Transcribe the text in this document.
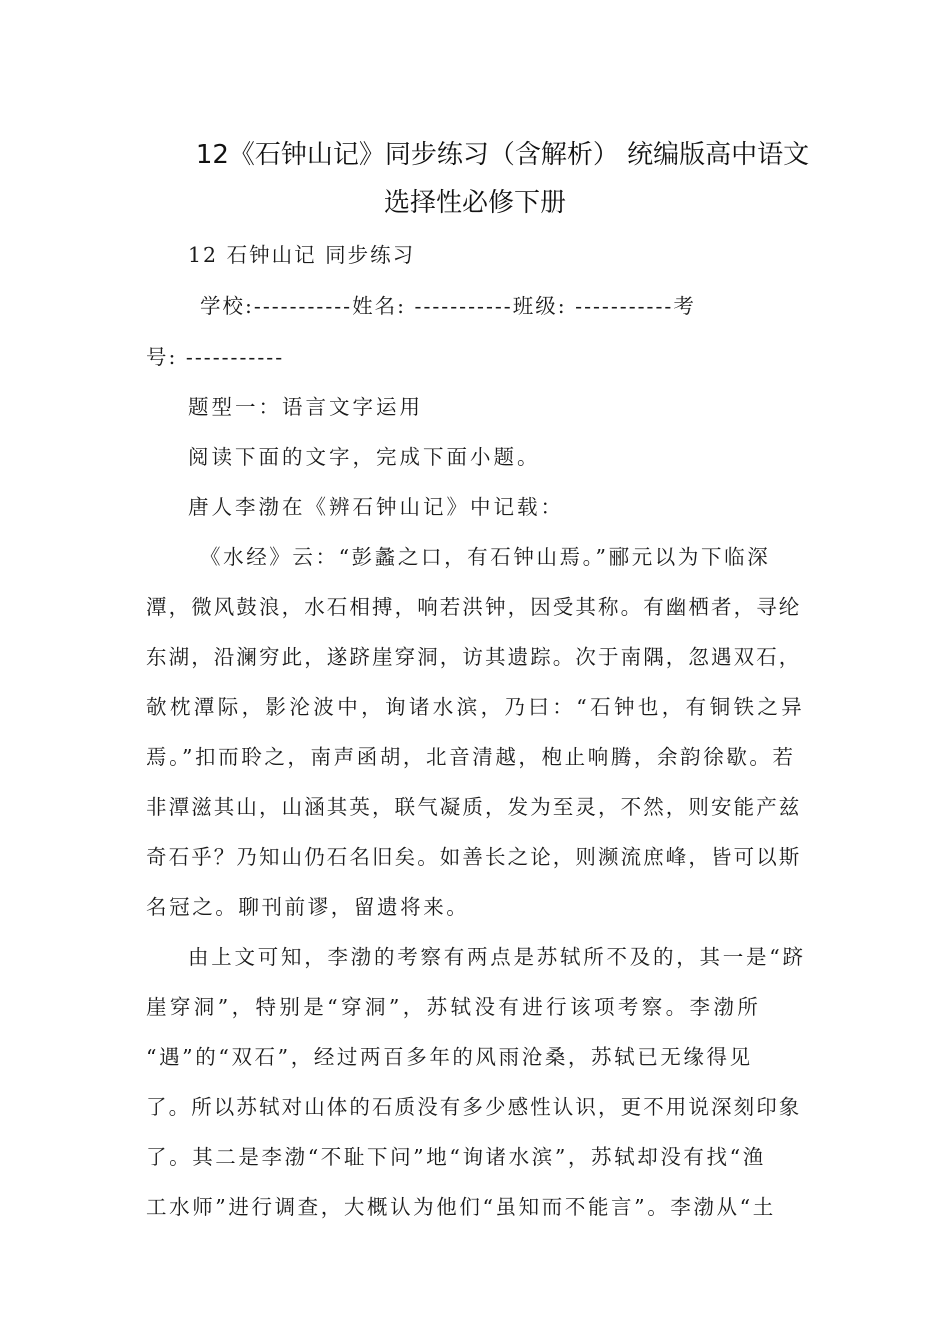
12《石钟山记》同步练习（含解析） 统编版高中语文
选择性必修下册
12 石钟山记 同步练习
学校:-----------姓名: -----------班级: -----------考
号: -----------
题型一：语言文字运用
阅读下面的文字，完成下面小题。
唐人李渤在《辨石钟山记》中记载：
《水经》云：“彭蠡之口，有石钟山焉。”郦元以为下临深
潭，微风鼓浪，水石相搏，响若洪钟，因受其称。有幽栖者，寻纶
东湖，沿澜穷此，遂跻崖穿洞，访其遗踪。次于南隅，忽遇双石，
欹枕潭际，影沦波中，询诸水滨，乃曰：“石钟也，有铜铁之异
焉。”扣而聆之，南声函胡，北音清越，枹止响腾，余韵徐歇。若
非潭滋其山，山涵其英，联气凝质，发为至灵，不然，则安能产兹
奇石乎？乃知山仍石名旧矣。如善长之论，则濒流庶峰，皆可以斯
名冠之。聊刊前谬，留遗将来。
由上文可知，李渤的考察有两点是苏轼所不及的，其一是“跻
崖穿洞”，特别是“穿洞”，苏轼没有进行该项考察。李渤所
“遇”的“双石”，经过两百多年的风雨沧桑，苏轼已无缘得见
了。所以苏轼对山体的石质没有多少感性认识，更不用说深刻印象
了。其二是李渤“不耻下问”地“询诸水滨”，苏轼却没有找“渔
工水师”进行调查，大概认为他们“虽知而不能言”。李渤从“土
